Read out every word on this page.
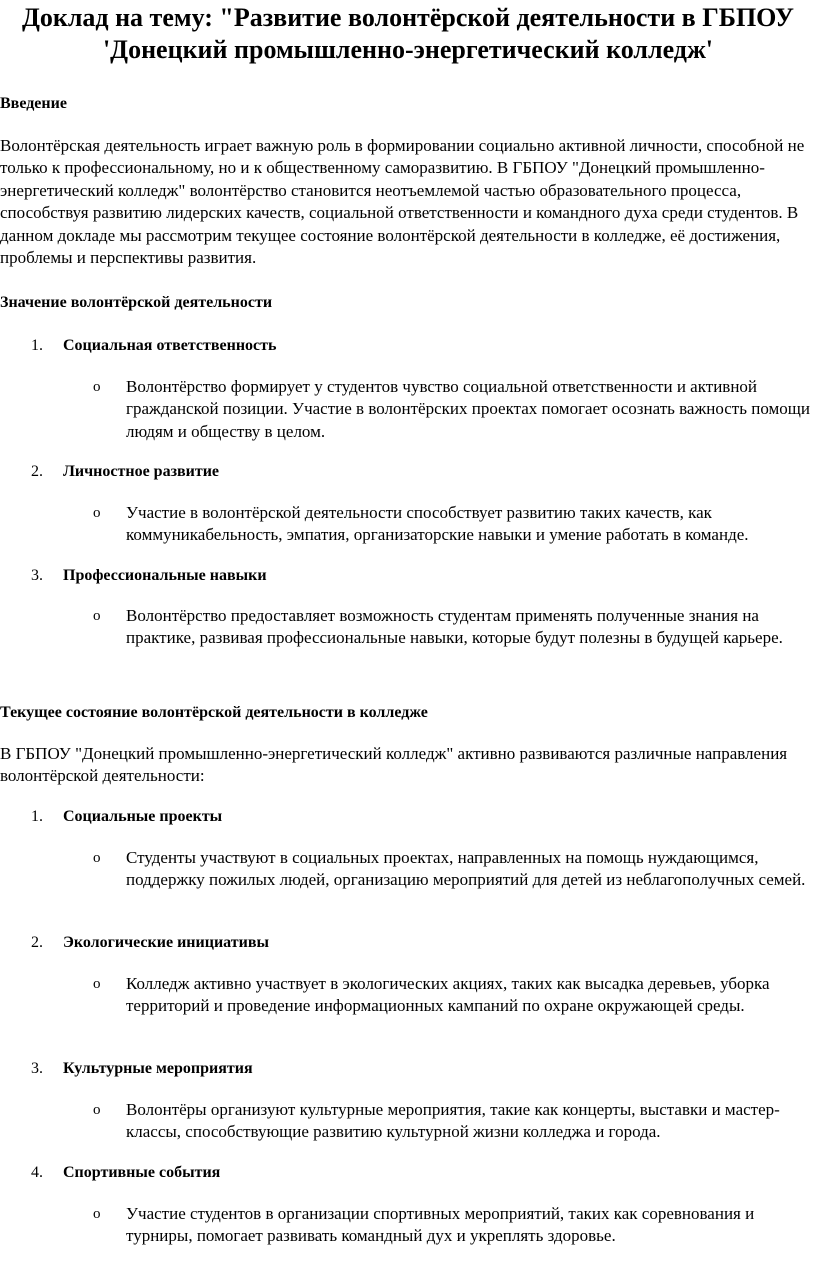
Доклад на тему: "Развитие волонтёрской деятельности в ГБПОУ
'Донецкий промышленно-энергетический колледж'

Введение

Волонтёрская деятельность играет важную роль в формировании социально активной личности, способной не только к профессиональному, но и к общественному саморазвитию. В ГБПОУ "Донецкий промышленно-энергетический колледж" волонтёрство становится неотъемлемой частью образовательного процесса, способствуя развитию лидерских качеств, социальной ответственности и командного духа среди студентов. В данном докладе мы рассмотрим текущее состояние волонтёрской деятельности в колледже, её достижения, проблемы и перспективы развития.

Значение волонтёрской деятельности

1. Социальная ответственность

o Волонтёрство формирует у студентов чувство социальной ответственности и активной гражданской позиции. Участие в волонтёрских проектах помогает осознать важность помощи людям и обществу в целом.

2. Личностное развитие

o Участие в волонтёрской деятельности способствует развитию таких качеств, как коммуникабельность, эмпатия, организаторские навыки и умение работать в команде.

3. Профессиональные навыки

o Волонтёрство предоставляет возможность студентам применять полученные знания на практике, развивая профессиональные навыки, которые будут полезны в будущей карьере.

Текущее состояние волонтёрской деятельности в колледже

В ГБПОУ "Донецкий промышленно-энергетический колледж" активно развиваются различные направления волонтёрской деятельности:

1. Социальные проекты

o Студенты участвуют в социальных проектах, направленных на помощь нуждающимся, поддержку пожилых людей, организацию мероприятий для детей из неблагополучных семей.

2. Экологические инициативы

o Колледж активно участвует в экологических акциях, таких как высадка деревьев, уборка территорий и проведение информационных кампаний по охране окружающей среды.

3. Культурные мероприятия

o Волонтёры организуют культурные мероприятия, такие как концерты, выставки и мастер-классы, способствующие развитию культурной жизни колледжа и города.

4. Спортивные события

o Участие студентов в организации спортивных мероприятий, таких как соревнования и турниры, помогает развивать командный дух и укреплять здоровье.
